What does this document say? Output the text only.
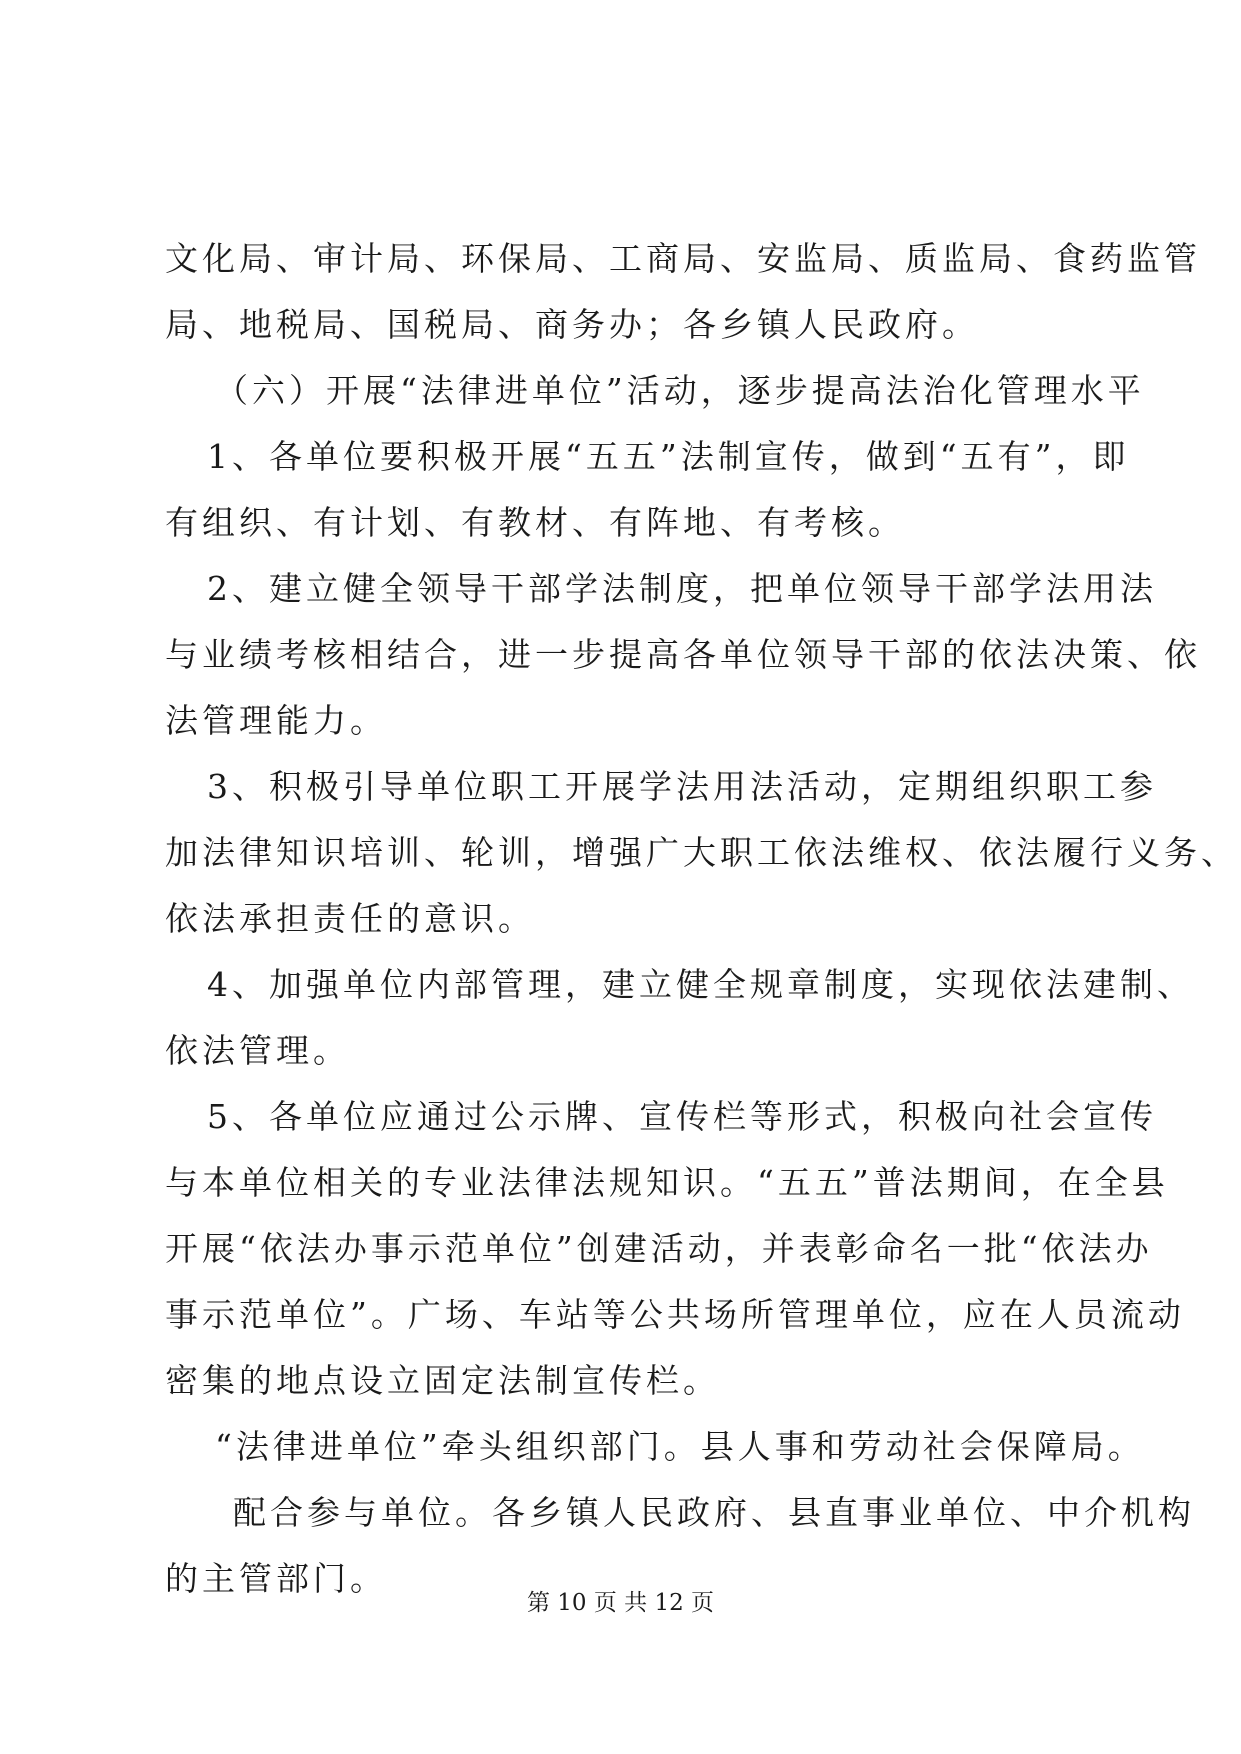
文化局、审计局、环保局、工商局、安监局、质监局、食药监管
局、地税局、国税局、商务办；各乡镇人民政府。
（六）开展“法律进单位”活动，逐步提高法治化管理水平
1、各单位要积极开展“五五”法制宣传，做到“五有”，即
有组织、有计划、有教材、有阵地、有考核。
2、建立健全领导干部学法制度，把单位领导干部学法用法
与业绩考核相结合，进一步提高各单位领导干部的依法决策、依
法管理能力。
3、积极引导单位职工开展学法用法活动，定期组织职工参
加法律知识培训、轮训，增强广大职工依法维权、依法履行义务、
依法承担责任的意识。
4、加强单位内部管理，建立健全规章制度，实现依法建制、
依法管理。
5、各单位应通过公示牌、宣传栏等形式，积极向社会宣传
与本单位相关的专业法律法规知识。“五五”普法期间，在全县
开展“依法办事示范单位”创建活动，并表彰命名一批“依法办
事示范单位”。广场、车站等公共场所管理单位，应在人员流动
密集的地点设立固定法制宣传栏。
“法律进单位”牵头组织部门。县人事和劳动社会保障局。
配合参与单位。各乡镇人民政府、县直事业单位、中介机构
的主管部门。
第 10 页 共 12 页
